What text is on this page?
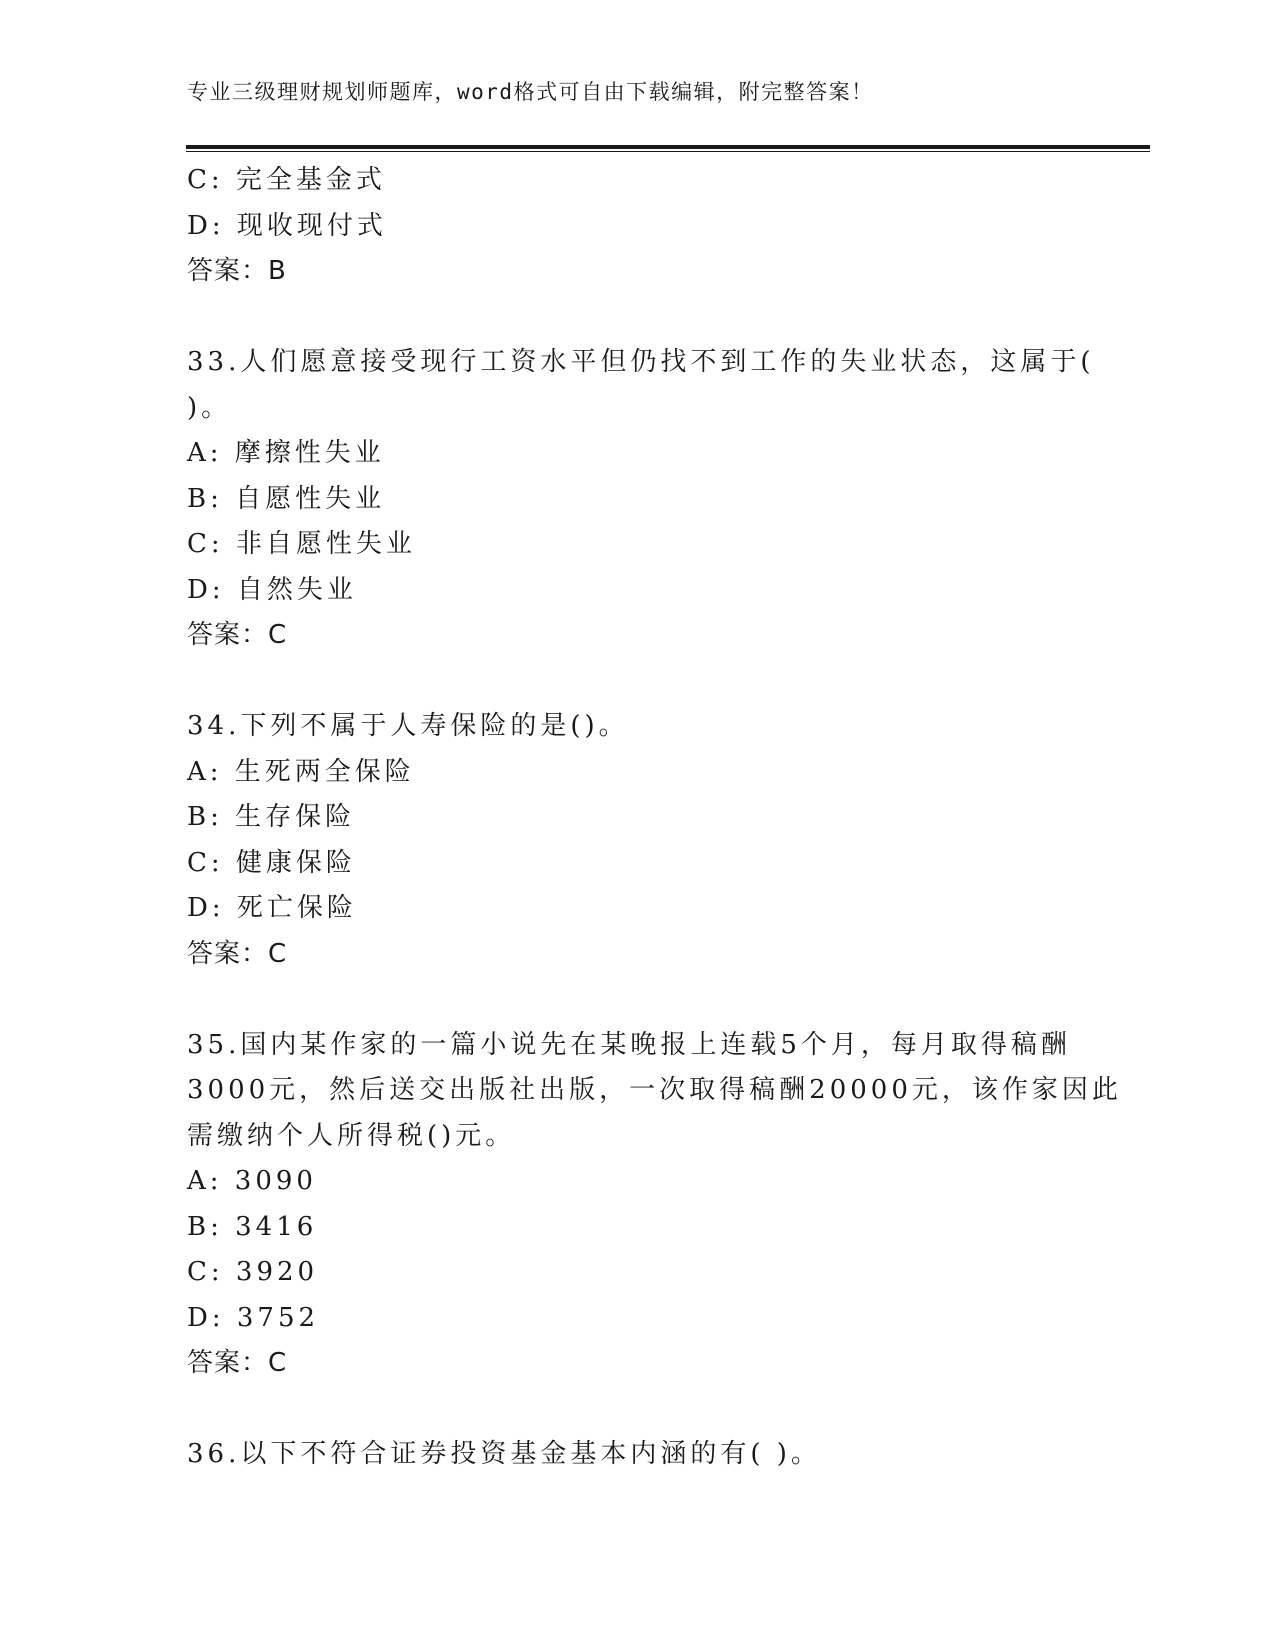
专业三级理财规划师题库，word格式可自由下载编辑，附完整答案！
C: 完全基金式
D: 现收现付式
答案：B
33.人们愿意接受现行工资水平但仍找不到工作的失业状态，这属于(
)。
A: 摩擦性失业
B: 自愿性失业
C: 非自愿性失业
D: 自然失业
答案：C
34.下列不属于人寿保险的是()。
A: 生死两全保险
B: 生存保险
C: 健康保险
D: 死亡保险
答案：C
35.国内某作家的一篇小说先在某晚报上连载5个月，每月取得稿酬
3000元，然后送交出版社出版，一次取得稿酬20000元，该作家因此
需缴纳个人所得税()元。
A: 3090
B: 3416
C: 3920
D: 3752
答案：C
36.以下不符合证券投资基金基本内涵的有( )。
